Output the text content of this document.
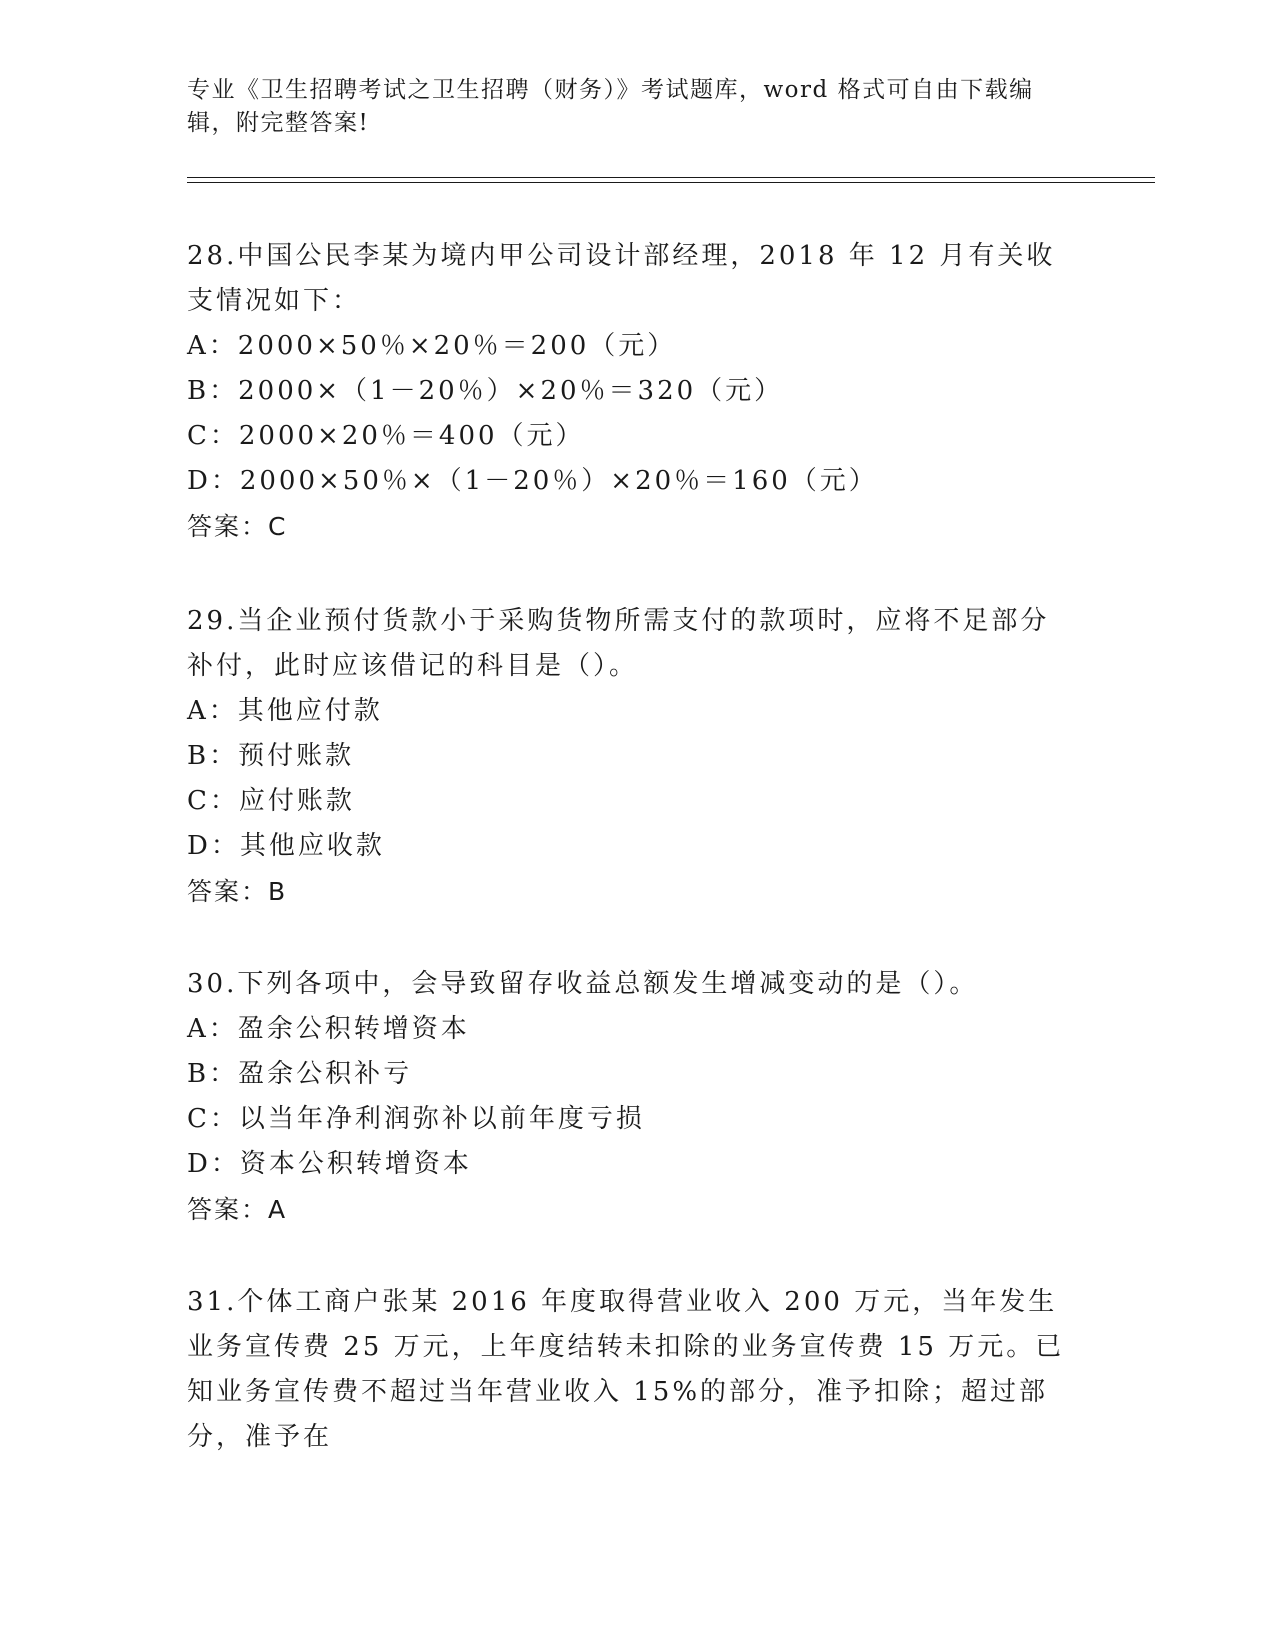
专业《卫生招聘考试之卫生招聘（财务）》考试题库，word 格式可自由下载编辑，附完整答案!

28.中国公民李某为境内甲公司设计部经理，2018 年 12 月有关收支情况如下：

A：2000×50％×20％＝200（元）

B：2000×（1－20％）×20％＝320（元）

C：2000×20％＝400（元）

D：2000×50％×（1－20％）×20％＝160（元）

答案：C

29.当企业预付货款小于采购货物所需支付的款项时，应将不足部分补付，此时应该借记的科目是（）。

A：其他应付款

B：预付账款

C：应付账款

D：其他应收款

答案：B

30.下列各项中，会导致留存收益总额发生增减变动的是（）。

A：盈余公积转增资本

B：盈余公积补亏

C：以当年净利润弥补以前年度亏损

D：资本公积转增资本

答案：A

31.个体工商户张某 2016 年度取得营业收入 200 万元，当年发生业务宣传费 25 万元，上年度结转未扣除的业务宣传费 15 万元。已知业务宣传费不超过当年营业收入 15%的部分，准予扣除；超过部分，准予在
